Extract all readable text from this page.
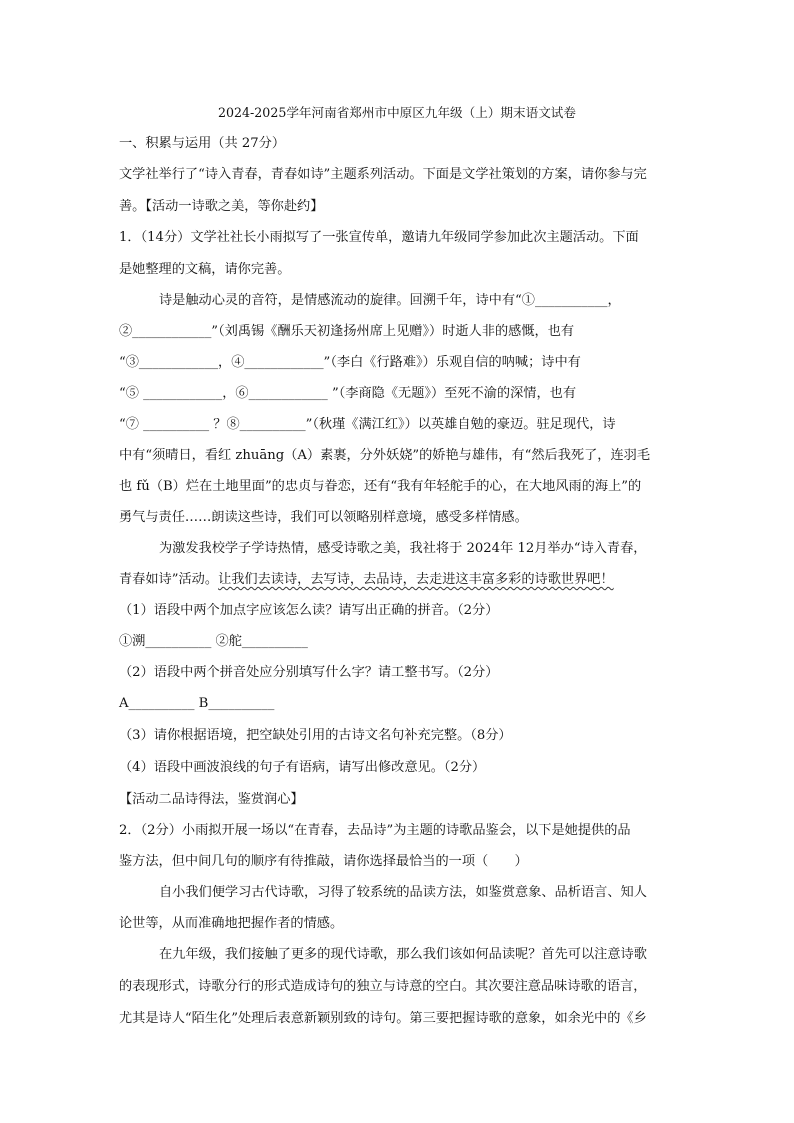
2024-2025学年河南省郑州市中原区九年级（上）期末语文试卷
一、积累与运用（共 27分）
文学社举行了“诗入青春，青春如诗”主题系列活动。下面是文学社策划的方案，请你参与完
善。【活动一诗歌之美，等你赴约】
1．（14分）文学社社长小雨拟写了一张宣传单，邀请九年级同学参加此次主题活动。下面
是她整理的文稿，请你完善。
诗是触动心灵的音符，是情感流动的旋律。回溯千年，诗中有“①___________，
②____________”（刘禹锡《酬乐天初逢扬州席上见赠》）时逝人非的感慨，也有
“③____________，④____________”（李白《行路难》）乐观自信的呐喊；诗中有
“⑤ ____________，⑥____________ ”（李商隐《无题》）至死不渝的深情，也有
“⑦ __________ ？⑧__________”（秋瑾《满江红》）以英雄自勉的豪迈。驻足现代，诗
中有“须晴日，看红 zhuāng（A）素裹，分外妖娆”的娇艳与雄伟，有“然后我死了，连羽毛
也 fǔ（B）烂在土地里面”的忠贞与眷恋，还有“我有年轻舵手的心，在大地风雨的海上”的
勇气与责任……朗读这些诗，我们可以领略别样意境，感受多样情感。
为激发我校学子学诗热情，感受诗歌之美，我社将于 2024年 12月举办“诗入青春，
青春如诗”活动。让我们去读诗，去写诗，去品诗，去走进这丰富多彩的诗歌世界吧！
（1）语段中两个加点字应该怎么读？请写出正确的拼音。（2分）
①溯__________ ②舵__________
（2）语段中两个拼音处应分别填写什么字？请工整书写。（2分）
A__________ B__________
（3）请你根据语境，把空缺处引用的古诗文名句补充完整。（8分）
（4）语段中画波浪线的句子有语病，请写出修改意见。（2分）
【活动二品诗得法，鉴赏润心】
2．（2分）小雨拟开展一场以“在青春，去品诗”为主题的诗歌品鉴会，以下是她提供的品
鉴方法，但中间几句的顺序有待推敲，请你选择最恰当的一项（　　）
自小我们便学习古代诗歌，习得了较系统的品读方法，如鉴赏意象、品析语言、知人
论世等，从而准确地把握作者的情感。
在九年级，我们接触了更多的现代诗歌，那么我们该如何品读呢？首先可以注意诗歌
的表现形式，诗歌分行的形式造成诗句的独立与诗意的空白。其次要注意品味诗歌的语言，
尤其是诗人“陌生化”处理后表意新颖别致的诗句。第三要把握诗歌的意象，如余光中的《乡
